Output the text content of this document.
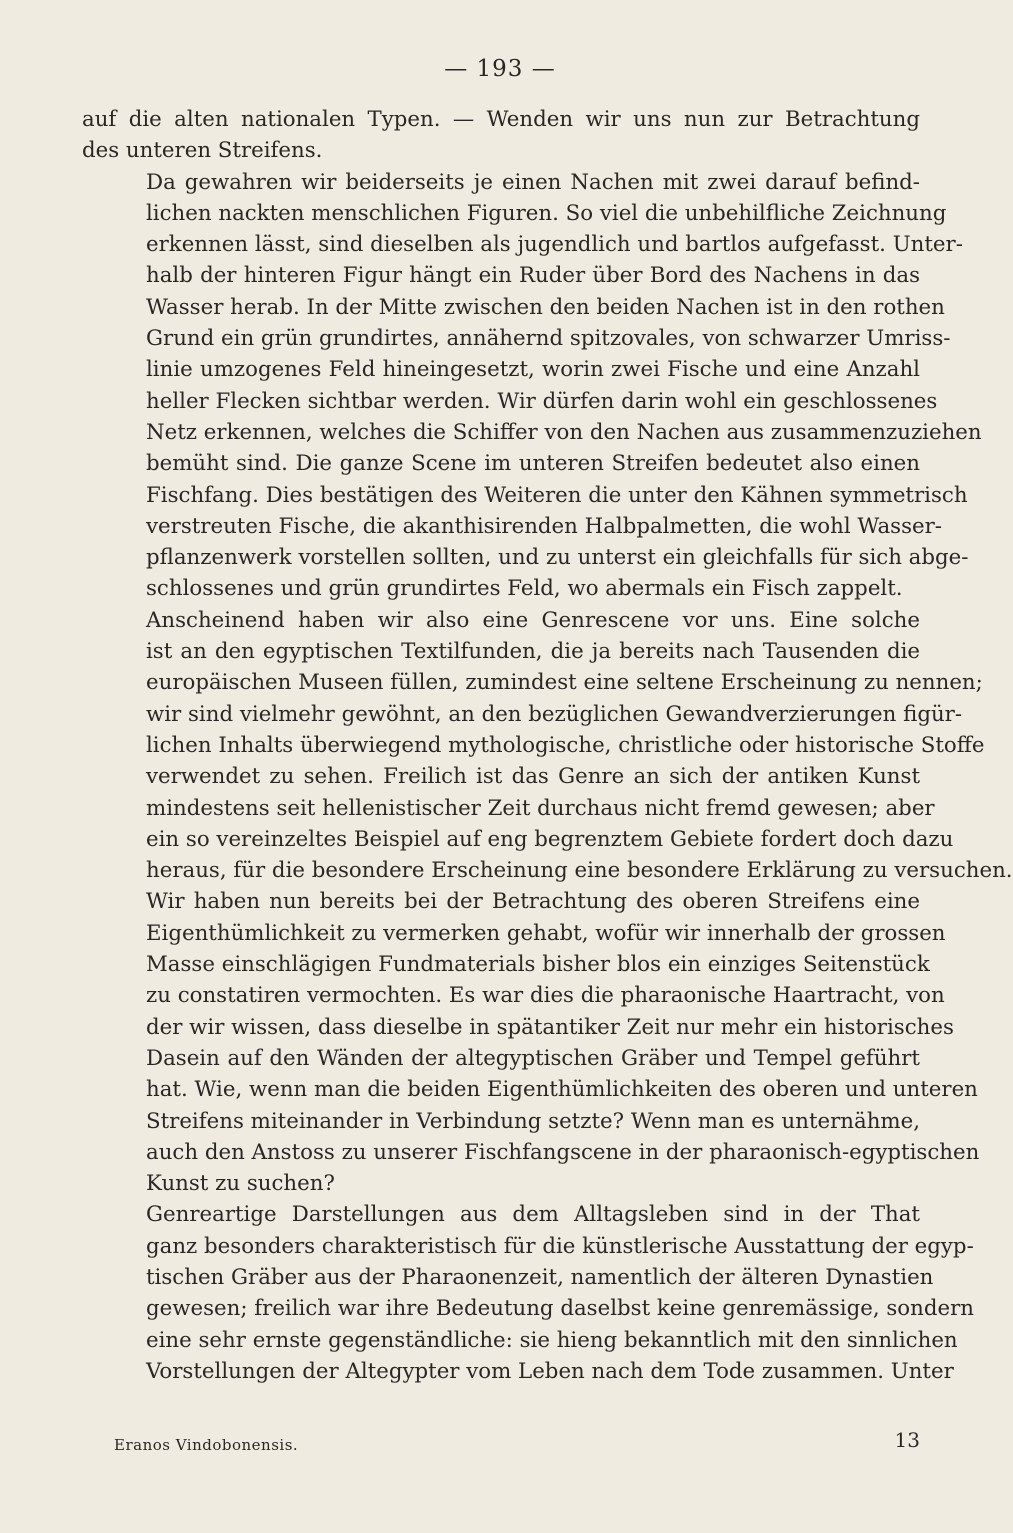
— 193 —

auf die alten nationalen Typen. — Wenden wir uns nun zur Betrachtung
des unteren Streifens.

Da gewahren wir beiderseits je einen Nachen mit zwei darauf befind-
lichen nackten menschlichen Figuren. So viel die unbehilfliche Zeichnung
erkennen lässt, sind dieselben als jugendlich und bartlos aufgefasst. Unter-
halb der hinteren Figur hängt ein Ruder über Bord des Nachens in das
Wasser herab. In der Mitte zwischen den beiden Nachen ist in den rothen
Grund ein grün grundirtes, annähernd spitzovales, von schwarzer Umriss-
linie umzogenes Feld hineingesetzt, worin zwei Fische und eine Anzahl
heller Flecken sichtbar werden. Wir dürfen darin wohl ein geschlossenes
Netz erkennen, welches die Schiffer von den Nachen aus zusammenzuziehen
bemüht sind. Die ganze Scene im unteren Streifen bedeutet also einen
Fischfang. Dies bestätigen des Weiteren die unter den Kähnen symmetrisch
verstreuten Fische, die akanthisirenden Halbpalmetten, die wohl Wasser-
pflanzenwerk vorstellen sollten, und zu unterst ein gleichfalls für sich abge-
schlossenes und grün grundirtes Feld, wo abermals ein Fisch zappelt.

Anscheinend haben wir also eine Genrescene vor uns. Eine solche
ist an den egyptischen Textilfunden, die ja bereits nach Tausenden die
europäischen Museen füllen, zumindest eine seltene Erscheinung zu nennen;
wir sind vielmehr gewöhnt, an den bezüglichen Gewandverzierungen figür-
lichen Inhalts überwiegend mythologische, christliche oder historische Stoffe
verwendet zu sehen. Freilich ist das Genre an sich der antiken Kunst
mindestens seit hellenistischer Zeit durchaus nicht fremd gewesen; aber
ein so vereinzeltes Beispiel auf eng begrenztem Gebiete fordert doch dazu
heraus, für die besondere Erscheinung eine besondere Erklärung zu versuchen.

Wir haben nun bereits bei der Betrachtung des oberen Streifens eine
Eigenthümlichkeit zu vermerken gehabt, wofür wir innerhalb der grossen
Masse einschlägigen Fundmaterials bisher blos ein einziges Seitenstück
zu constatiren vermochten. Es war dies die pharaonische Haartracht, von
der wir wissen, dass dieselbe in spätantiker Zeit nur mehr ein historisches
Dasein auf den Wänden der altegyptischen Gräber und Tempel geführt
hat. Wie, wenn man die beiden Eigenthümlichkeiten des oberen und unteren
Streifens miteinander in Verbindung setzte? Wenn man es unternähme,
auch den Anstoss zu unserer Fischfangscene in der pharaonisch-egyptischen
Kunst zu suchen?

Genreartige Darstellungen aus dem Alltagsleben sind in der That
ganz besonders charakteristisch für die künstlerische Ausstattung der egyp-
tischen Gräber aus der Pharaonenzeit, namentlich der älteren Dynastien
gewesen; freilich war ihre Bedeutung daselbst keine genremässige, sondern
eine sehr ernste gegenständliche: sie hieng bekanntlich mit den sinnlichen
Vorstellungen der Altegypter vom Leben nach dem Tode zusammen. Unter

Eranos Vindobonensis.	13
